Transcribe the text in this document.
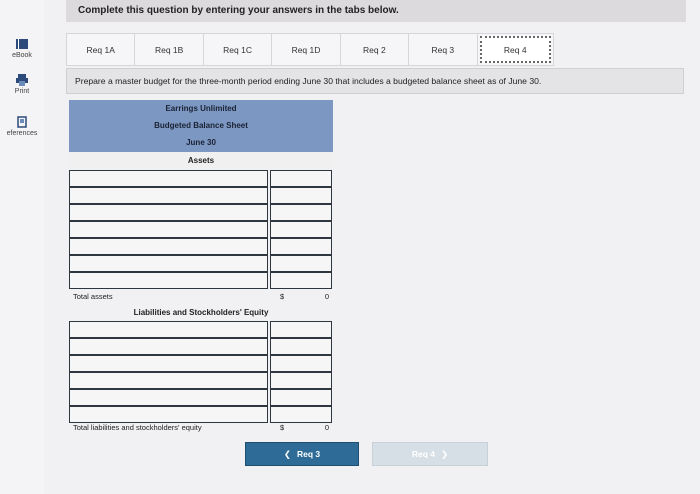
eBook
Print
eferences
Complete this question by entering your answers in the tabs below.
Req 1A	Req 1B	Req 1C	Req 1D	Req 2	Req 3	Req 4
Prepare a master budget for the three-month period ending June 30 that includes a budgeted balance sheet as of June 30.
Earrings Unlimited
Budgeted Balance Sheet
June 30
Assets
Total assets	$	0
Liabilities and Stockholders' Equity
Total liabilities and stockholders' equity	$	0
❮ Req 3	Req 4 ❯
